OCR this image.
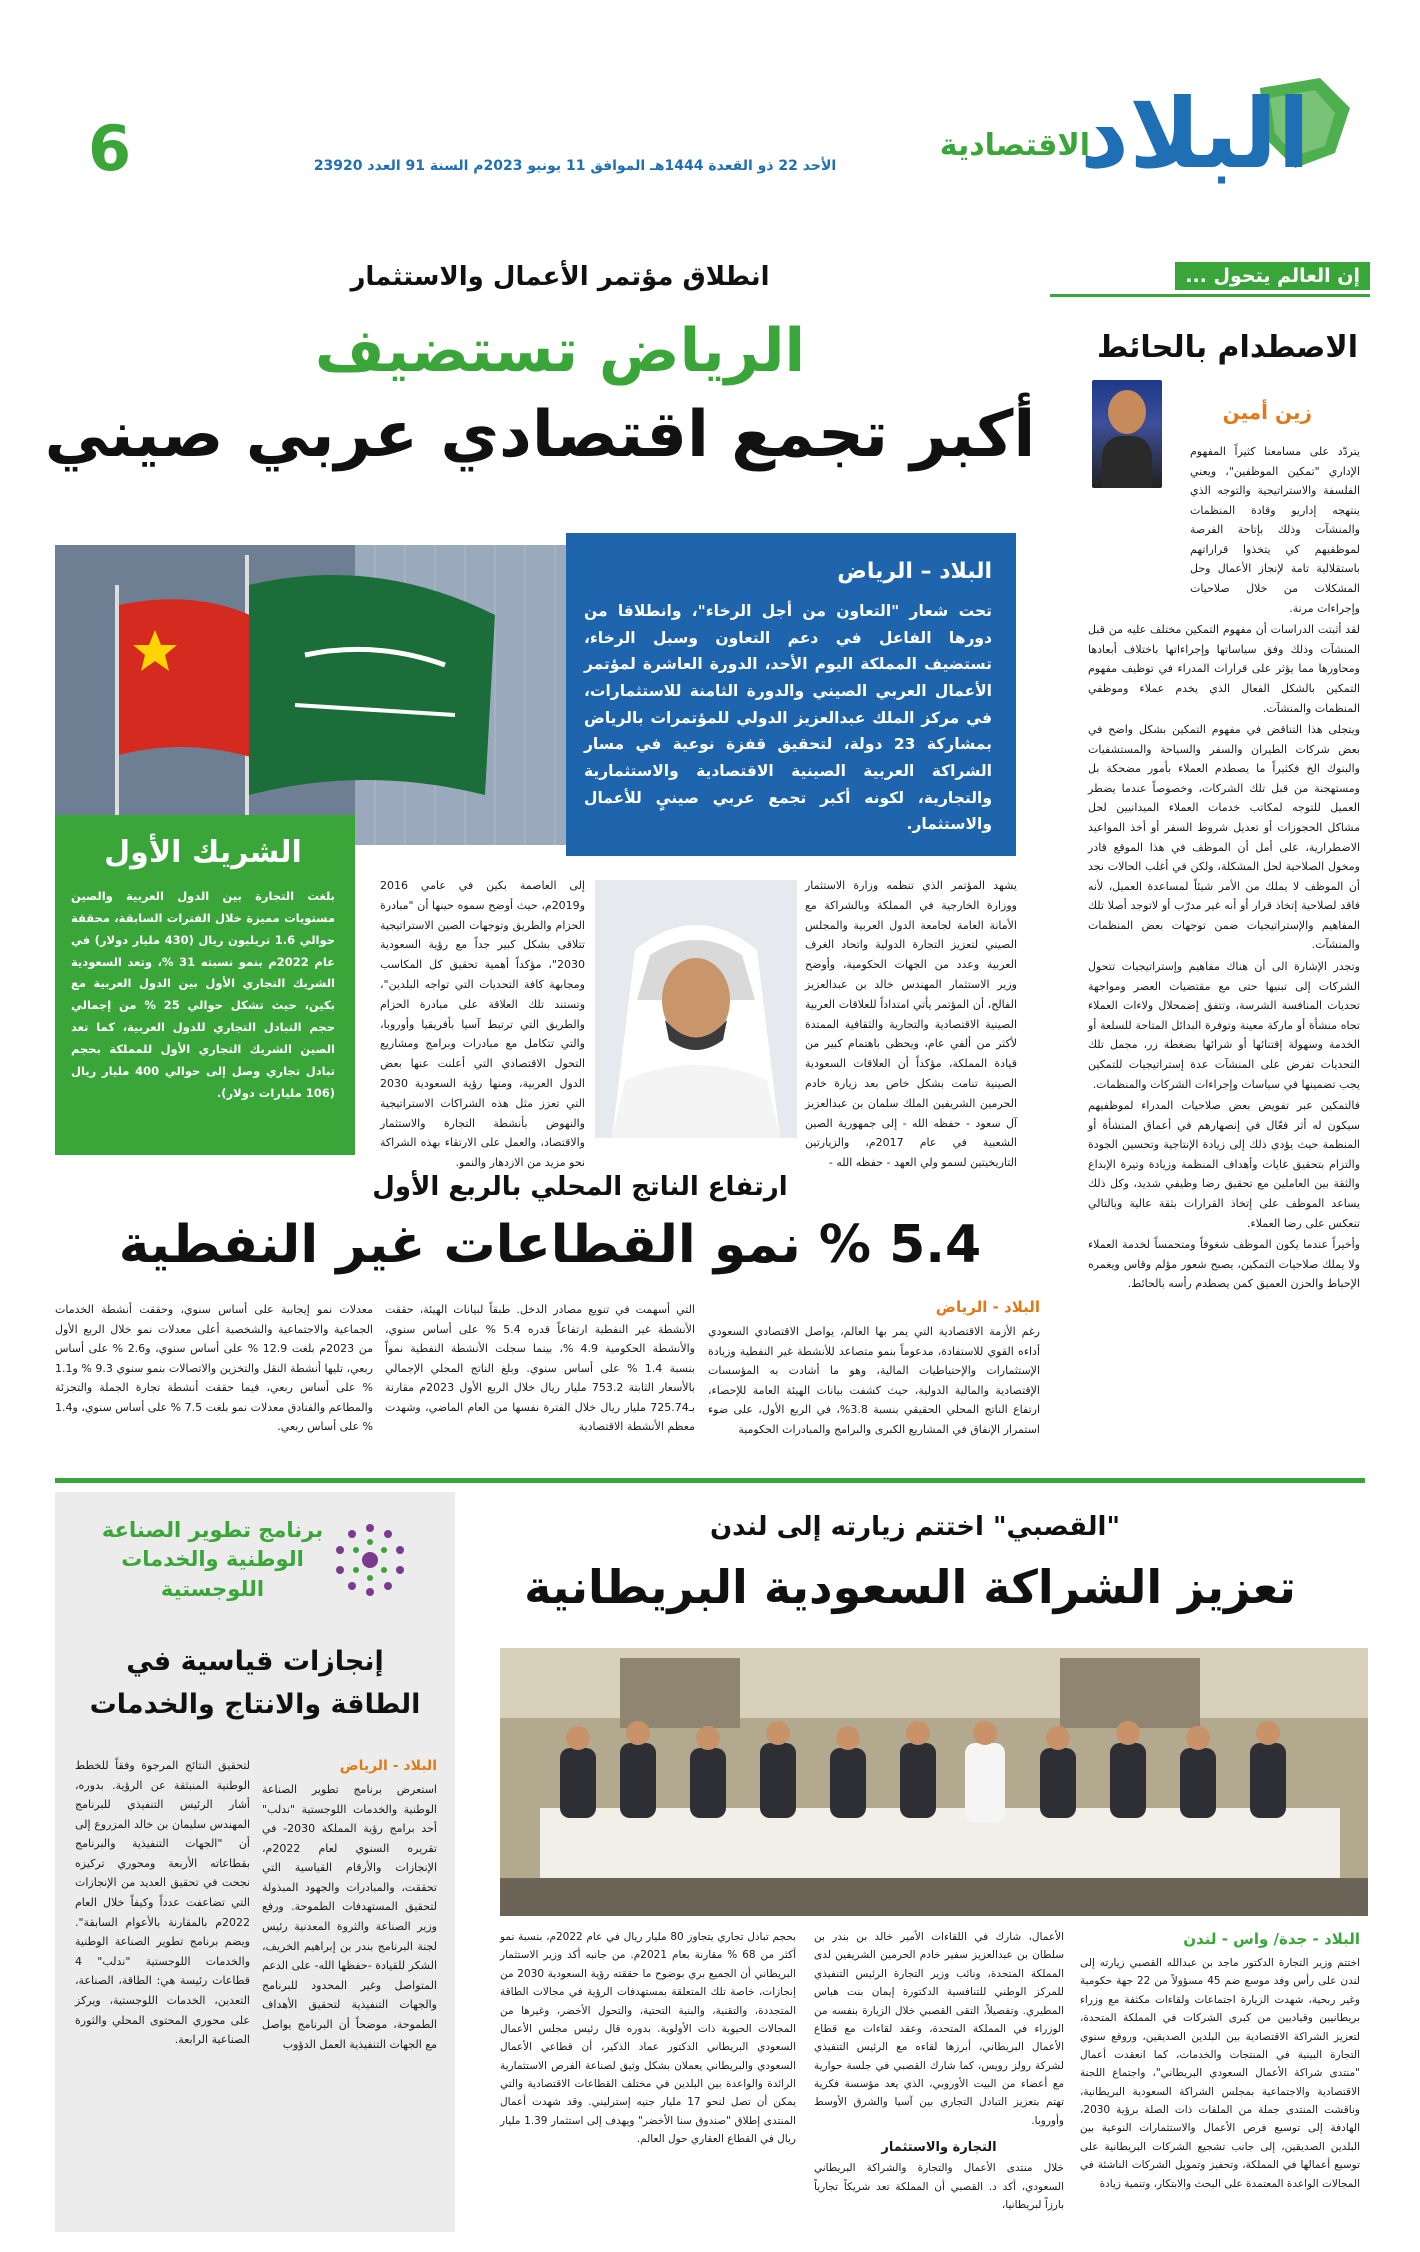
البلاد
الاقتصادية
الأحد 22 ذو القعدة 1444هـ الموافق 11 يونيو 2023م السنة 91 العدد 23920
6
إن العالم يتحول ...
الاصطدام بالحائط
زين أمين

يتردّد على مسامعنا كثيراً المفهوم الإداري "تمكين الموظفين"، ويعني الفلسفة والاستراتيجية والتوجه الذي ينتهجه إداريو وقادة المنظمات والمنشآت وذلك بإتاحة الفرصة لموظفيهم كي يتخذوا قراراتهم باستقلالية تامة لإنجاز الأعمال وحل المشكلات من خلال صلاحيات وإجراءات مرنة.

لقد أثبتت الدراسات أن مفهوم التمكين مختلف عليه من قبل المنشآت وذلك وفق سياساتها وإجراءاتها باختلاف أبعادها ومحاورها مما يؤثر على قرارات المدراء في توظيف مفهوم التمكين بالشكل الفعال الذي يخدم عملاء وموظفي المنظمات والمنشآت.

ويتجلى هذا التناقض في مفهوم التمكين بشكل واضح في بعض شركات الطيران والسفر والسياحة والمستشفيات والبنوك الخ فكثيراً ما يصطدم العملاء بأمور مضحكة بل ومستهجنة من قبل تلك الشركات، وخصوصاً عندما يضطر العميل للتوجه لمكاتب خدمات العملاء الميدانيين لحل مشاكل الحجوزات أو تعديل شروط السفر أو أخذ المواعيد الاضطرارية، على أمل أن الموظف في هذا الموقع قادر ومخول الصلاحية لحل المشكلة، ولكن في أغلب الحالات نجد أن الموظف لا يملك من الأمر شيئاً لمساعدة العميل، لأنه فاقد لصلاحية إتخاذ قرار أو أنه غير مدرّب أو لاتوجد أصلا تلك المفاهيم والإستراتيجيات ضمن توجهات بعض المنظمات والمنشآت.

وتجدر الإشارة الى أن هناك مفاهيم وإستراتيجيات تتحول الشركات إلى تبنيها حتى مع مقتضيات العصر ومواجهة تحديات المنافسة الشرسة، وتتفق إضمحلال ولاءات العملاء تجاه منشأة أو ماركة معينة وتوفرة البدائل المتاحة للسلعة أو الخدمة وسهولة إقتنائها أو شرائها بضغطة زر، مجمل تلك التحديات تفرض على المنشآت عدة إستراتيجيات للتمكين يجب تضمينها في سياسات وإجراءات الشركات والمنظمات.

فالتمكين عبر تفويض بعض صلاحيات المدراء لموظفيهم سيكون له أثر فعّال في إنصهارهم في أعماق المنشأة أو المنظمة حيث يؤدي ذلك إلى زيادة الإنتاجية وتحسين الجودة والتزام بتحقيق غايات وأهداف المنظمة وزيادة وتيرة الإبداع والثقة بين العاملين مع تحقيق رضا وظيفي شديد، وكل ذلك يساعد الموظف على إتخاذ القرارات بثقة عالية وبالتالي تنعكس على رضا العملاء.

وأخيراً عندما يكون الموظف شغوفاً ومتحمساً لخدمة العملاء ولا يملك صلاحيات التمكين، يصبح شعور مؤلم وقاس ويغمره الإحباط والحزن العميق كمن يصطدم رأسه بالحائط.

انطلاق مؤتمر الأعمال والاستثمار
الرياض تستضيف
أكبر تجمع اقتصادي عربي صيني
البلاد – الرياض
تحت شعار "التعاون من أجل الرخاء"، وانطلاقا من دورها الفاعل في دعم التعاون وسبل الرخاء، تستضيف المملكة اليوم الأحد، الدورة العاشرة لمؤتمر الأعمال العربي الصيني والدورة الثامنة للاستثمارات، في مركز الملك عبدالعزيز الدولي للمؤتمرات بالرياض بمشاركة 23 دولة، لتحقيق قفزة نوعية في مسار الشراكة العربية الصينية الاقتصادية والاستثمارية والتجارية، لكونه أكبر تجمع عربي صينيٍ للأعمال والاستثمار.
يشهد المؤتمر الذي تنظمه وزارة الاستثمار ووزارة الخارجية في المملكة وبالشراكة مع الأمانة العامة لجامعة الدول العربية والمجلس الصيني لتعزيز التجارة الدولية واتحاد الغرف العربية وعدد من الجهات الحكومية، وأوضح وزير الاستثمار المهندس خالد بن عبدالعزيز الفالح، أن المؤتمر يأتي امتداداً للعلاقات العربية الصينية الاقتصادية والتجارية والثقافية الممتدة لأكثر من ألفي عام، ويحظى باهتمام كبير من قيادة المملكة، مؤكداً أن العلاقات السعودية الصينية تنامت بشكل خاص بعد زيارة خادم الحرمين الشريفين الملك سلمان بن عبدالعزيز آل سعود - حفظه الله - إلى جمهورية الصين الشعبية في عام 2017م، والزيارتين التاريخيتين لسمو ولي العهد - حفظه الله -
إلى العاصمة بكين في عامي 2016 و2019م، حيث أوضح سموه حينها أن "مبادرة الحزام والطريق وتوجهات الصين الاستراتيجية تتلاقى بشكل كبير جداً مع رؤية السعودية 2030"، مؤكداً أهمية تحقيق كل المكاسب ومجابهة كافة التحديات التي تواجه البلدين"، وتستند تلك العلاقة على مبادرة الحزام والطريق التي ترتبط آسيا بأفريقيا وأوروبا، والتي تتكامل مع مبادرات وبرامج ومشاريع التحول الاقتصادي التي أعلنت عنها بعض الدول العربية، ومنها رؤية السعودية 2030 التي تعزز مثل هذه الشراكات الاستراتيجية والنهوض بأنشطة التجارة والاستثمار والاقتصاد، والعمل على الارتقاء بهذه الشراكة نحو مزيد من الازدهار والنمو.
الشريك الأول
بلغت التجارة بين الدول العربية والصين مستويات مميزة خلال الفترات السابقة، محققة حوالي 1.6 تريليون ريال (430 مليار دولار) في عام 2022م بنمو نسبته 31 %، وتعد السعودية الشريك التجاري الأول بين الدول العربية مع بكين، حيث تشكل حوالي 25 % من إجمالي حجم التبادل التجاري للدول العربية، كما تعد الصين الشريك التجاري الأول للمملكة بحجم تبادل تجاري وصل إلى حوالي 400 مليار ريال (106 مليارات دولار).
ارتفاع الناتج المحلي بالربع الأول
5.4 % نمو القطاعات غير النفطية
البلاد - الرياض
رغم الأزمة الاقتصادية التي يمر بها العالم، يواصل الاقتصادي السعودي أداءه القوي للاستفادة، مدعوماً بنمو متصاعد للأنشطة غير النفطية وزيادة الإستثمارات والإحتياطيات المالية، وهو ما أشادت به المؤسسات الإقتصادية والمالية الدولية، حيث كشفت بيانات الهيئة العامة للإحصاء، ارتفاع الناتج المحلي الحقيقي بنسبة 3.8%، في الربع الأول، على ضوء استمرار الإنفاق في المشاريع الكبرى والبرامج والمبادرات الحكومية
التي أسهمت في تنويع مصادر الدخل. طبقاً لبيانات الهيئة، حققت الأنشطة غير النفطية ارتفاعاً قدره 5.4 % على أساس سنوي، والأنشطة الحكومية 4.9 %، بينما سجلت الأنشطة النفطية نمواً بنسبة 1.4 % على أساس سنوي. وبلغ الناتج المحلي الإجمالي بالأسعار الثابتة 753.2 مليار ريال خلال الربع الأول 2023م مقارنة بـ725.74 مليار ريال خلال الفترة نفسها من العام الماضي، وشهدت معظم الأنشطة الاقتصادية
معدلات نمو إيجابية على أساس سنوي، وحققت أنشطة الخدمات الجماعية والاجتماعية والشخصية أعلى معدلات نمو خلال الربع الأول من 2023م بلغت 12.9 % على أساس سنوي، و2.6 % على أساس ربعي، تليها أنشطة النقل والتخزين والاتصالات بنمو سنوي 9.3 % و1.1 % على أساس ربعي، فيما حققت أنشطة تجارة الجملة والتجزئة والمطاعم والفنادق معدلات نمو بلغت 7.5 % على أساس سنوي، و1.4 % على أساس ربعي.
"القصبي" اختتم زيارته إلى لندن
تعزيز الشراكة السعودية البريطانية
البلاد - جدة/ واس - لندن
اختتم وزير التجارة الدكتور ماجد بن عبدالله القصبي زيارته إلى لندن على رأس وفد موسع ضم 45 مسؤولاً من 22 جهة حكومية وغير ربحية، شهدت الزيارة اجتماعات ولقاءات مكثفة مع وزراء بريطانيين وقياديين من كبرى الشركات في المملكة المتحدة، لتعزيز الشراكة الاقتصادية بين البلدين الصديقين، وروقع سنوي التجارة البينية في المنتجات والخدمات، كما انعقدت أعمال "منتدى شراكة الأعمال السعودي البريطاني"، واجتماع اللجنة الاقتصادية والاجتماعية بمجلس الشراكة السعودية البريطانية، وناقشت المنتدى جملة من الملفات ذات الصلة برؤية 2030، الهادفة إلى توسيع فرص الأعمال والاستثمارات النوعية بين البلدين الصديقين، إلى جانب تشجيع الشركات البريطانية على توسيع أعمالها في المملكة، وتحفيز وتمويل الشركات الناشئة في المجالات الواعدة المعتمدة على البحث والابتكار، وتنمية زيادة
الأعمال، شارك في اللقاءات الأمير خالد بن بندر بن سلطان بن عبدالعزيز سفير خادم الحرمين الشريفين لدى المملكة المتحدة، ونائب وزير التجارة الرئيس التنفيذي للمركز الوطني للتنافسية الدكتورة إيمان بنت هباس المطيري. وتفصيلاً، التقى القصبي خلال الزيارة بنفسه من الوزراء في المملكة المتحدة، وعقد لقاءات مع قطاع الأعمال البريطاني، أبرزها لقاءه مع الرئيس التنفيذي لشركة رولز رويس، كما شارك القصبي في جلسة حوارية مع أعضاء من البيت الأوروبي، الذي يعد مؤسسة فكرية تهتم بتعزيز التبادل التجاري بين آسيا والشرق الأوسط وأوروبا.
التجارة والاستثمار
خلال منتدى الأعمال والتجارة والشراكة البريطاني السعودي، أكد د. القصبي أن المملكة تعد شريكاً تجارياً بارزاً لبريطانيا،
بحجم تبادل تجاري يتجاوز 80 مليار ريال في عام 2022م، بنسبة نمو أكثر من 68 % مقارنة بعام 2021م. من جانبه أكد وزير الاستثمار البريطاني أن الجميع بري بوضوح ما حققته رؤية السعودية 2030 من إنجازات، خاصة تلك المتعلقة بمستهدفات الرؤية في مجالات الطاقة المتجددة، والتقنية، والبنية التحتية، والتحول الأخضر، وغيرها من المجالات الحيوية ذات الأولوية. بدوره قال رئيس مجلس الأعمال السعودي البريطاني الدكتور عماد الذكير، أن قطاعي الأعمال السعودي والبريطاني يعملان بشكل وثيق لصناعة الفرص الاستثمارية الرائدة والواعدة بين البلدين في مختلف القطاعات الاقتصادية والتي يمكن أن تصل لنحو 17 مليار جنيه إسترليني. وقد شهدت أعمال المنتدى إطلاق "صندوق سنا الأخضر" ويهدف إلى استثمار 1.39 مليار ريال في القطاع العقاري حول العالم.
برنامج تطوير الصناعة
الوطنية والخدمات
اللوجستية
إنجازات قياسية في
الطاقة والانتاج والخدمات
البلاد - الرياض
استعرض برنامج تطوير الصناعة الوطنية والخدمات اللوجستية "ندلب" أحد برامج رؤية المملكة 2030- في تقريره السنوي لعام 2022م، الإنجازات والأرقام القياسية التي تحققت، والمبادرات والجهود المبذولة لتحقيق المستهدفات الطموحة. ورفع وزير الصناعة والثروة المعدنية رئيس لجنة البرنامج بندر بن إبراهيم الخريف، الشكر للقيادة -حفظها الله- على الدعم المتواصل وغير المحدود للبرنامج والجهات التنفيذية لتحقيق الأهداف الطموحة، موضحاً أن البرنامج يواصل مع الجهات التنفيذية العمل الدؤوب
لتحقيق النتائج المرجوة وفقاً للخطط الوطنية المنبثقة عن الرؤية. بدوره، أشار الرئيس التنفيذي للبرنامج المهندس سليمان بن خالد المزروع إلى أن "الجهات التنفيذية والبرنامج بقطاعاته الأربعة ومحوري تركيزه نجحت في تحقيق العديد من الإنجازات التي تضاعفت عدداً وكيفاً خلال العام 2022م بالمقارنة بالأعوام السابقة". ويضم برنامج تطوير الصناعة الوطنية والخدمات اللوجستية "ندلب" 4 قطاعات رئيسة هي: الطاقة، الصناعة، التعدين، الخدمات اللوجستية، ويركز على محوري المحتوى المحلي والثورة الصناعية الرابعة.
